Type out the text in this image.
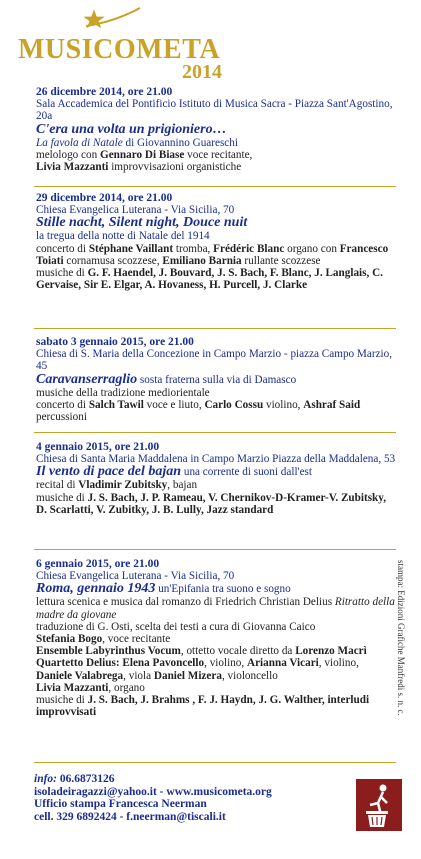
MUSICOMETA
2014
26 dicembre 2014, ore 21.00
Sala Accademica del Pontificio Istituto di Musica Sacra - Piazza Sant'Agostino, 20a
C'era una volta un prigioniero…
La favola di Natale di Giovannino Guareschi
melologo con Gennaro Di Biase voce recitante,
Livia Mazzanti improvvisazioni organistiche
29 dicembre 2014, ore 21.00
Chiesa Evangelica Luterana - Via Sicilia, 70
Stille nacht, Silent night, Douce nuit
la tregua della notte di Natale del 1914
concerto di Stéphane Vaillant tromba, Frédéric Blanc organo con Francesco Toiati cornamusa scozzese, Emiliano Barnia rullante scozzese
musiche di G. F. Haendel, J. Bouvard, J. S. Bach, F. Blanc, J. Langlais, C. Gervaise, Sir E. Elgar, A. Hovaness, H. Purcell, J. Clarke
sabato 3 gennaio 2015, ore 21.00
Chiesa di S. Maria della Concezione in Campo Marzio - piazza Campo Marzio, 45
Caravanserraglio sosta fraterna sulla via di Damasco
musiche della tradizione mediorientale
concerto di Salch Tawil voce e liuto, Carlo Cossu violino, Ashraf Said percussioni
4 gennaio 2015, ore 21.00
Chiesa di Santa Maria Maddalena in Campo Marzio Piazza della Maddalena, 53
Il vento di pace del bajan una corrente di suoni dall'est
recital di Vladimir Zubitsky, bajan
musiche di J. S. Bach, J. P. Rameau, V. Chernikov-D-Kramer-V. Zubitsky, D. Scarlatti, V. Zubitky, J. B. Lully, Jazz standard
6 gennaio 2015, ore 21.00
Chiesa Evangelica Luterana - Via Sicilia, 70
Roma, gennaio 1943 un'Epifania tra suono e sogno
lettura scenica e musica dal romanzo di Friedrich Christian Delius Ritratto della madre da giovane
traduzione di G. Osti, scelta dei testi a cura di Giovanna Caico
Stefania Bogo, voce recitante
Ensemble Labyrinthus Vocum, ottetto vocale diretto da Lorenzo Macrì
Quartetto Delius: Elena Pavoncello, violino, Arianna Vicari, violino, Daniele Valabrega, viola Daniel Mizera, violoncello
Livia Mazzanti, organo
musiche di J. S. Bach, J. Brahms , F. J. Haydn, J. G. Walther, interludi improvvisati
info: 06.6873126
isoladeiragazzi@yahoo.it - www.musicometa.org
Ufficio stampa Francesca Neerman
cell. 329 6892424 - f.neerman@tiscali.it
stampa: Edizioni Grafiche Manfredi s. n. c.
